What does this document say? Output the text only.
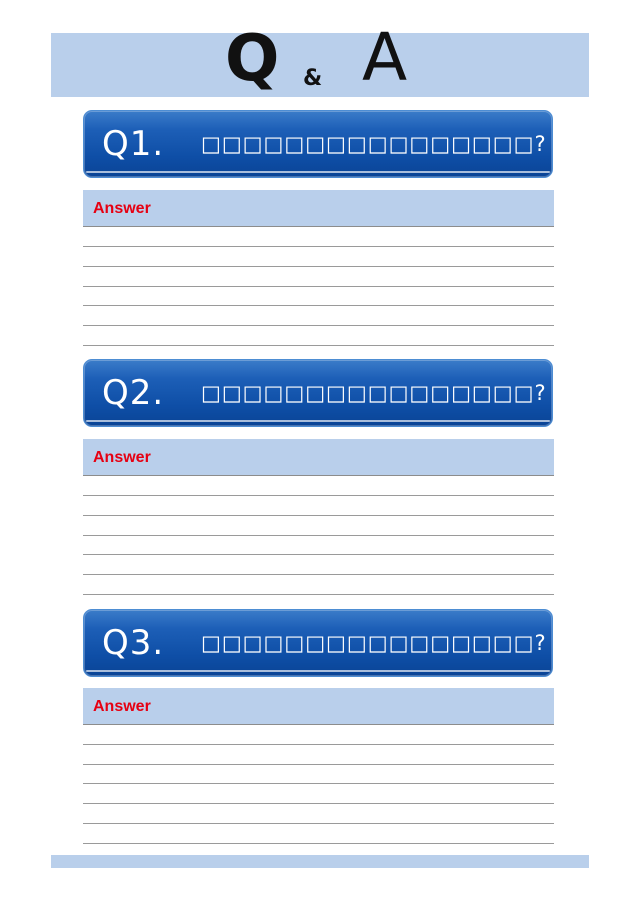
Q & A
Q1. □□□□□□□□□□□□□□□□?
Answer
Q2. □□□□□□□□□□□□□□□□?
Answer
Q3. □□□□□□□□□□□□□□□□?
Answer
